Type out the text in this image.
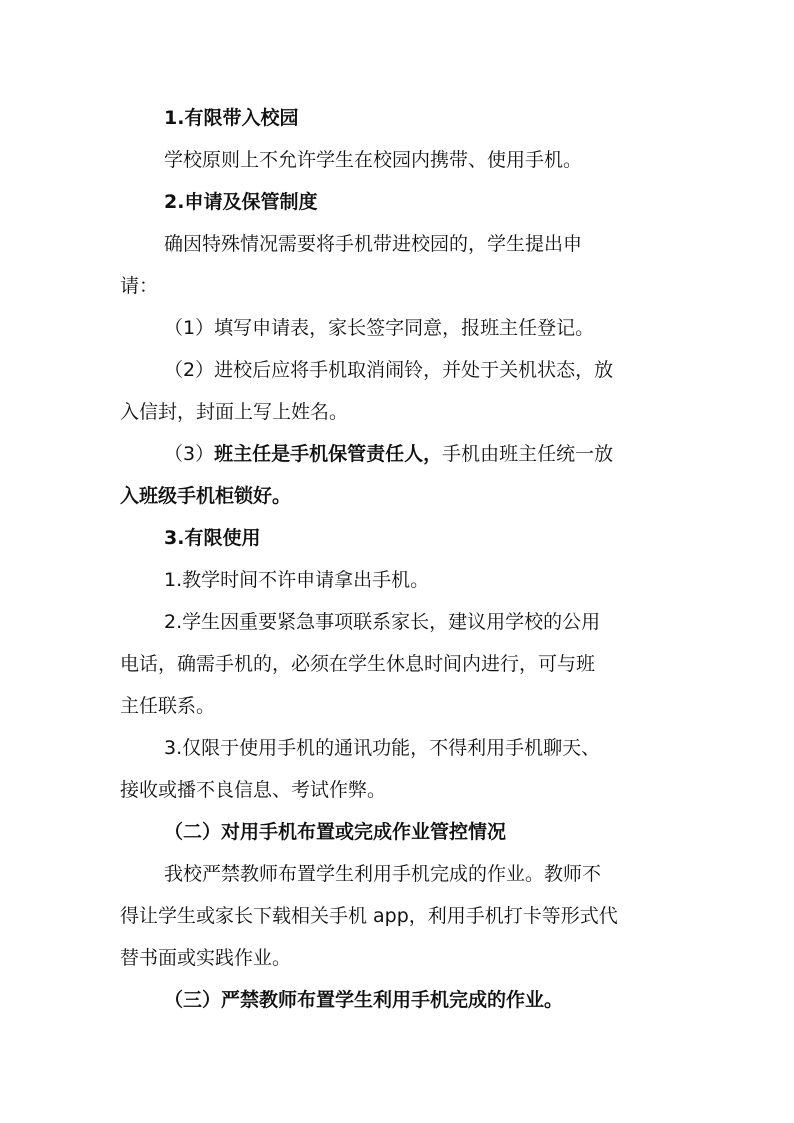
1.有限带入校园
学校原则上不允许学生在校园内携带、使用手机。
2.申请及保管制度
确因特殊情况需要将手机带进校园的，学生提出申
请：
（1）填写申请表，家长签字同意，报班主任登记。
（2）进校后应将手机取消闹铃，并处于关机状态，放
入信封，封面上写上姓名。
（3）班主任是手机保管责任人，手机由班主任统一放
入班级手机柜锁好。
3.有限使用
1.教学时间不许申请拿出手机。
2.学生因重要紧急事项联系家长，建议用学校的公用
电话，确需手机的，必须在学生休息时间内进行，可与班
主任联系。
3.仅限于使用手机的通讯功能，不得利用手机聊天、
接收或播不良信息、考试作弊。
（二）对用手机布置或完成作业管控情况
我校严禁教师布置学生利用手机完成的作业。教师不
得让学生或家长下载相关手机 app，利用手机打卡等形式代
替书面或实践作业。
（三）严禁教师布置学生利用手机完成的作业。
